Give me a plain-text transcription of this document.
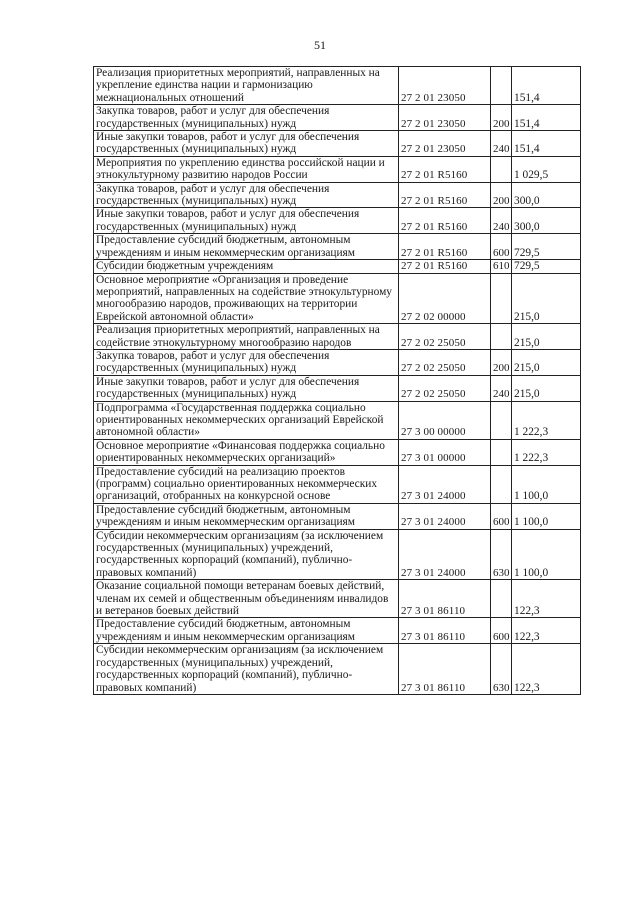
51
Реализация приоритетных мероприятий, направленных на укрепление единства нации и гармонизацию межнациональных отношений	27 2 01 23050		151,4
Закупка товаров, работ и услуг для обеспечения государственных (муниципальных) нужд	27 2 01 23050	200	151,4
Иные закупки товаров, работ и услуг для обеспечения государственных (муниципальных) нужд	27 2 01 23050	240	151,4
Мероприятия по укреплению единства российской нации и этнокультурному развитию народов России	27 2 01 R5160		1 029,5
Закупка товаров, работ и услуг для обеспечения государственных (муниципальных) нужд	27 2 01 R5160	200	300,0
Иные закупки товаров, работ и услуг для обеспечения государственных (муниципальных) нужд	27 2 01 R5160	240	300,0
Предоставление субсидий бюджетным, автономным учреждениям и иным некоммерческим организациям	27 2 01 R5160	600	729,5
Субсидии бюджетным учреждениям	27 2 01 R5160	610	729,5
Основное мероприятие «Организация и проведение мероприятий, направленных на содействие этнокультурному многообразию народов, проживающих на территории Еврейской автономной области»	27 2 02 00000		215,0
Реализация приоритетных мероприятий, направленных на содействие этнокультурному многообразию народов	27 2 02 25050		215,0
Закупка товаров, работ и услуг для обеспечения государственных (муниципальных) нужд	27 2 02 25050	200	215,0
Иные закупки товаров, работ и услуг для обеспечения государственных (муниципальных) нужд	27 2 02 25050	240	215,0
Подпрограмма «Государственная поддержка социально ориентированных некоммерческих организаций Еврейской автономной области»	27 3 00 00000		1 222,3
Основное мероприятие «Финансовая поддержка социально ориентированных некоммерческих организаций»	27 3 01 00000		1 222,3
Предоставление субсидий на реализацию проектов (программ) социально ориентированных некоммерческих организаций, отобранных на конкурсной основе	27 3 01 24000		1 100,0
Предоставление субсидий бюджетным, автономным учреждениям и иным некоммерческим организациям	27 3 01 24000	600	1 100,0
Субсидии некоммерческим организациям (за исключением государственных (муниципальных) учреждений, государственных корпораций (компаний), публично-правовых компаний)	27 3 01 24000	630	1 100,0
Оказание социальной помощи ветеранам боевых действий, членам их семей и общественным объединениям инвалидов и ветеранов боевых действий	27 3 01 86110		122,3
Предоставление субсидий бюджетным, автономным учреждениям и иным некоммерческим организациям	27 3 01 86110	600	122,3
Субсидии некоммерческим организациям (за исключением государственных (муниципальных) учреждений, государственных корпораций (компаний), публично-правовых компаний)	27 3 01 86110	630	122,3
